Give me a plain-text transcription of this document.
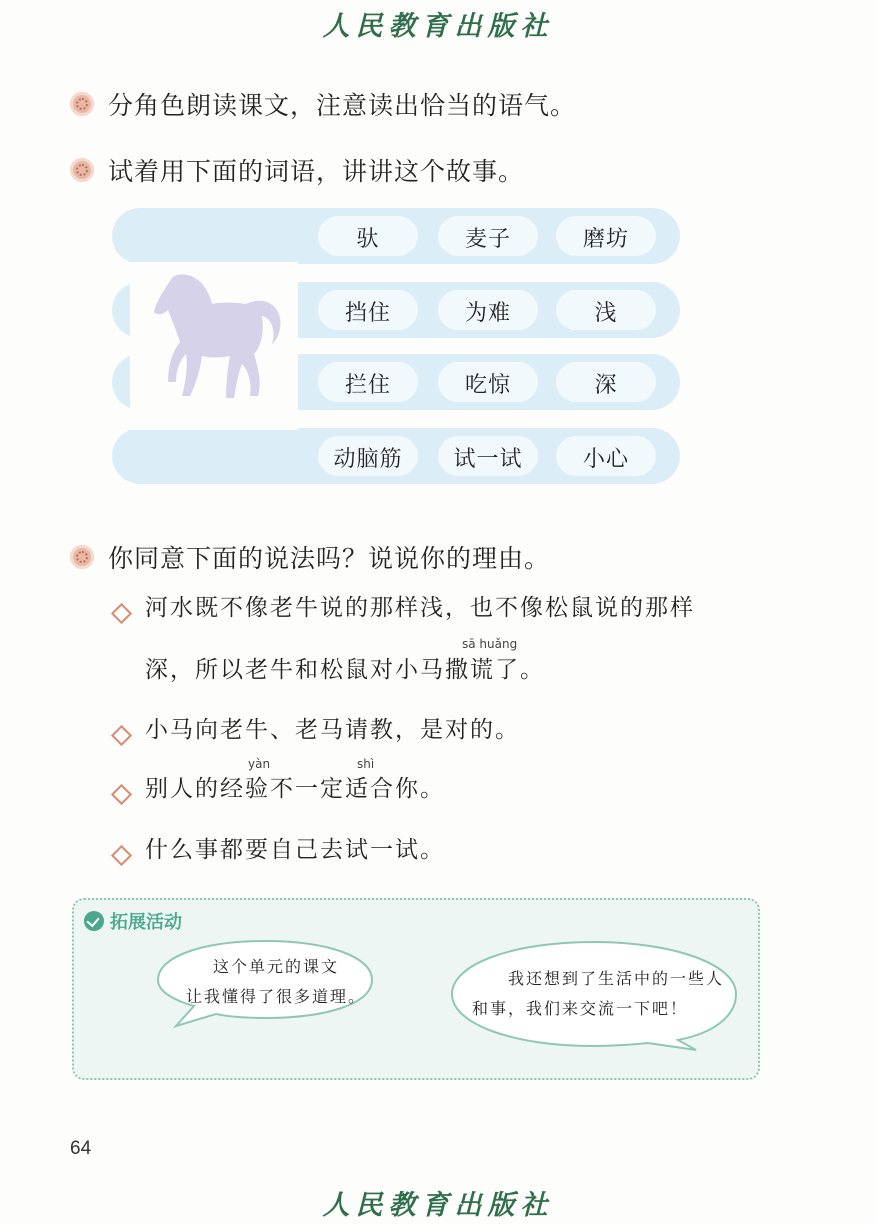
人民教育出版社
分角色朗读课文，注意读出恰当的语气。
试着用下面的词语，讲讲这个故事。
驮	麦子	磨坊
挡住	为难	浅
拦住	吃惊	深
动脑筋	试一试	小心
你同意下面的说法吗？说说你的理由。
河水既不像老牛说的那样浅，也不像松鼠说的那样
深，所以老牛和松鼠对小马撒谎了。
sā huǎng
小马向老牛、老马请教，是对的。
yàn	shì
别人的经验不一定适合你。
什么事都要自己去试一试。
拓展活动
这个单元的课文
让我懂得了很多道理。
我还想到了生活中的一些人
和事，我们来交流一下吧！
64
人民教育出版社
